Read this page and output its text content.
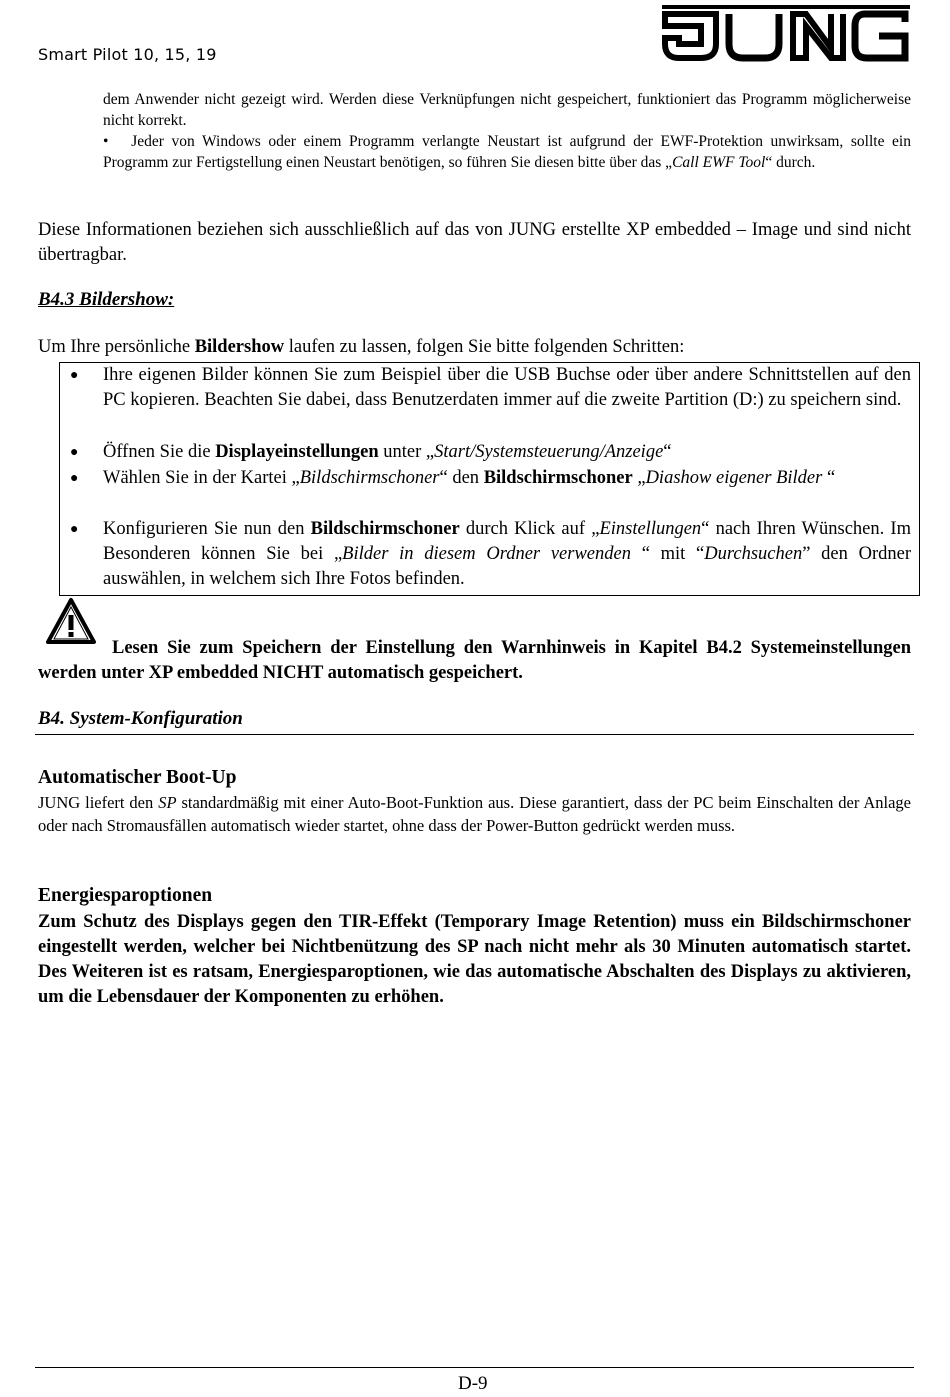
Smart Pilot 10, 15, 19
dem Anwender nicht gezeigt wird. Werden diese Verknüpfungen nicht gespeichert, funktioniert das Programm möglicherweise nicht korrekt.
•   Jeder von Windows oder einem Programm verlangte Neustart ist aufgrund der EWF-Protektion unwirksam, sollte ein Programm zur Fertigstellung einen Neustart benötigen, so führen Sie diesen bitte über das „Call EWF Tool“ durch.
Diese Informationen beziehen sich ausschließlich auf das von JUNG erstellte XP embedded – Image und sind nicht übertragbar.
B4.3 Bildershow:
Um Ihre persönliche Bildershow laufen zu lassen, folgen Sie bitte folgenden Schritten:
● Ihre eigenen Bilder können Sie zum Beispiel über die USB Buchse oder über andere Schnittstellen auf den PC kopieren. Beachten Sie dabei, dass Benutzerdaten immer auf die zweite Partition (D:) zu speichern sind.
● Öffnen Sie die Displayeinstellungen unter „Start/Systemsteuerung/Anzeige“
● Wählen Sie in der Kartei „Bildschirmschoner“ den Bildschirmschoner „Diashow eigener Bilder “
● Konfigurieren Sie nun den Bildschirmschoner durch Klick auf „Einstellungen“ nach Ihren Wünschen. Im Besonderen können Sie bei „Bilder in diesem Ordner verwenden “ mit “Durchsuchen” den Ordner auswählen, in welchem sich Ihre Fotos befinden.
Lesen Sie zum Speichern der Einstellung den Warnhinweis in Kapitel B4.2 Systemeinstellungen werden unter XP embedded NICHT automatisch gespeichert.
B4. System-Konfiguration
Automatischer Boot-Up
JUNG liefert den SP standardmäßig mit einer Auto-Boot-Funktion aus. Diese garantiert, dass der PC beim Einschalten der Anlage oder nach Stromausfällen automatisch wieder startet, ohne dass der Power-Button gedrückt werden muss.
Energiesparoptionen
Zum Schutz des Displays gegen den TIR-Effekt (Temporary Image Retention) muss ein Bildschirmschoner eingestellt werden, welcher bei Nichtbenützung des SP nach nicht mehr als 30 Minuten automatisch startet. Des Weiteren ist es ratsam, Energiesparoptionen, wie das automatische Abschalten des Displays zu aktivieren, um die Lebensdauer der Komponenten zu erhöhen.
D-9
